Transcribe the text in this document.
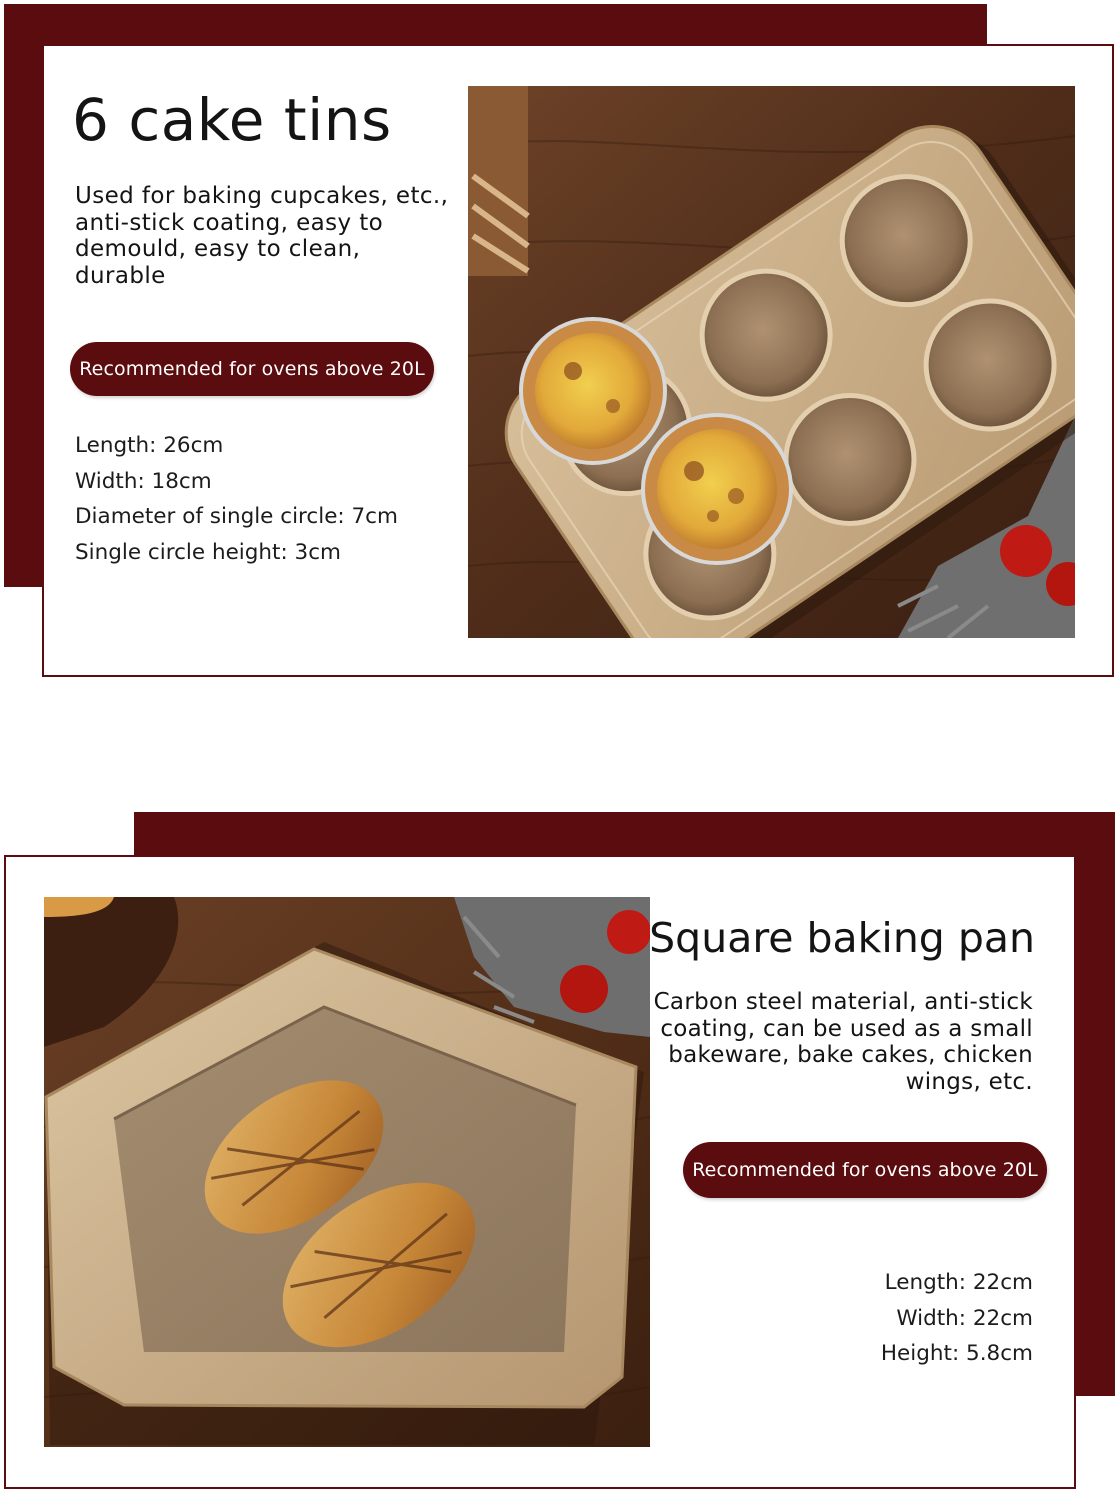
6 cake tins

Used for baking cupcakes, etc., anti-stick coating, easy to demould, easy to clean, durable

Recommended for ovens above 20L
Length: 26cm
Width: 18cm
Diameter of single circle: 7cm
Single circle height: 3cm
Square baking pan

Carbon steel material, anti-stick coating, can be used as a small bakeware, bake cakes, chicken wings, etc.

Recommended for ovens above 20L
Length: 22cm
Width: 22cm
Height: 5.8cm
